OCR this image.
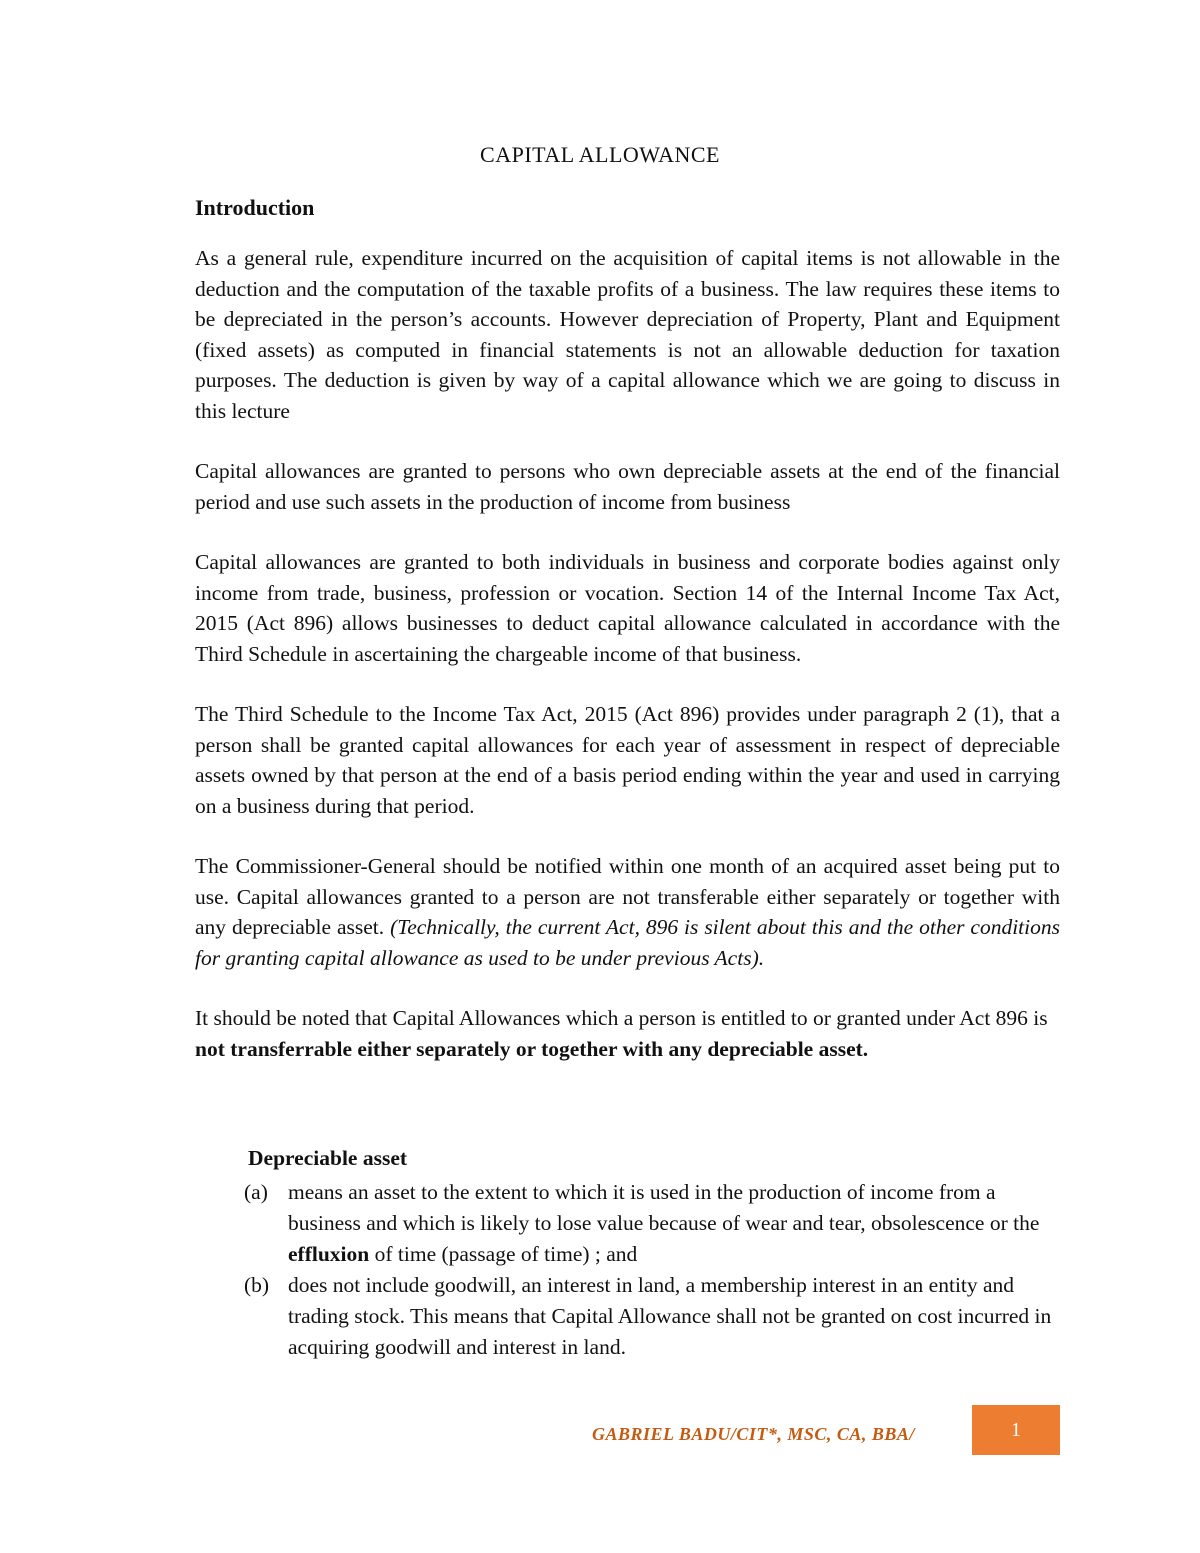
CAPITAL ALLOWANCE
Introduction
As a general rule, expenditure incurred on the acquisition of capital items is not allowable in the deduction and the computation of the taxable profits of a business. The law requires these items to be depreciated in the person’s accounts. However depreciation of Property, Plant and Equipment (fixed assets) as computed in financial statements is not an allowable deduction for taxation purposes. The deduction is given by way of a capital allowance which we are going to discuss in this lecture
Capital allowances are granted to persons who own depreciable assets at the end of the financial period and use such assets in the production of income from business
Capital allowances are granted to both individuals in business and corporate bodies against only income from trade, business, profession or vocation. Section 14 of the Internal Income Tax Act, 2015 (Act 896) allows businesses to deduct capital allowance calculated in accordance with the Third Schedule in ascertaining the chargeable income of that business.
The Third Schedule to the Income Tax Act, 2015 (Act 896) provides under paragraph 2 (1), that a person shall be granted capital allowances for each year of assessment in respect of depreciable assets owned by that person at the end of a basis period ending within the year and used in carrying on a business during that period.
The Commissioner-General should be notified within one month of an acquired asset being put to use. Capital allowances granted to a person are not transferable either separately or together with any depreciable asset. (Technically, the current Act, 896 is silent about this and the other conditions for granting capital allowance as used to be under previous Acts).
It should be noted that Capital Allowances which a person is entitled to or granted under Act 896 is not transferrable either separately or together with any depreciable asset.
Depreciable asset
(a) means an asset to the extent to which it is used in the production of income from a business and which is likely to lose value because of wear and tear, obsolescence or the effluxion of time (passage of time) ; and
(b) does not include goodwill, an interest in land, a membership interest in an entity and trading stock. This means that Capital Allowance shall not be granted on cost incurred in acquiring goodwill and interest in land.
GABRIEL BADU/CIT*, MSC, CA, BBA/	1
